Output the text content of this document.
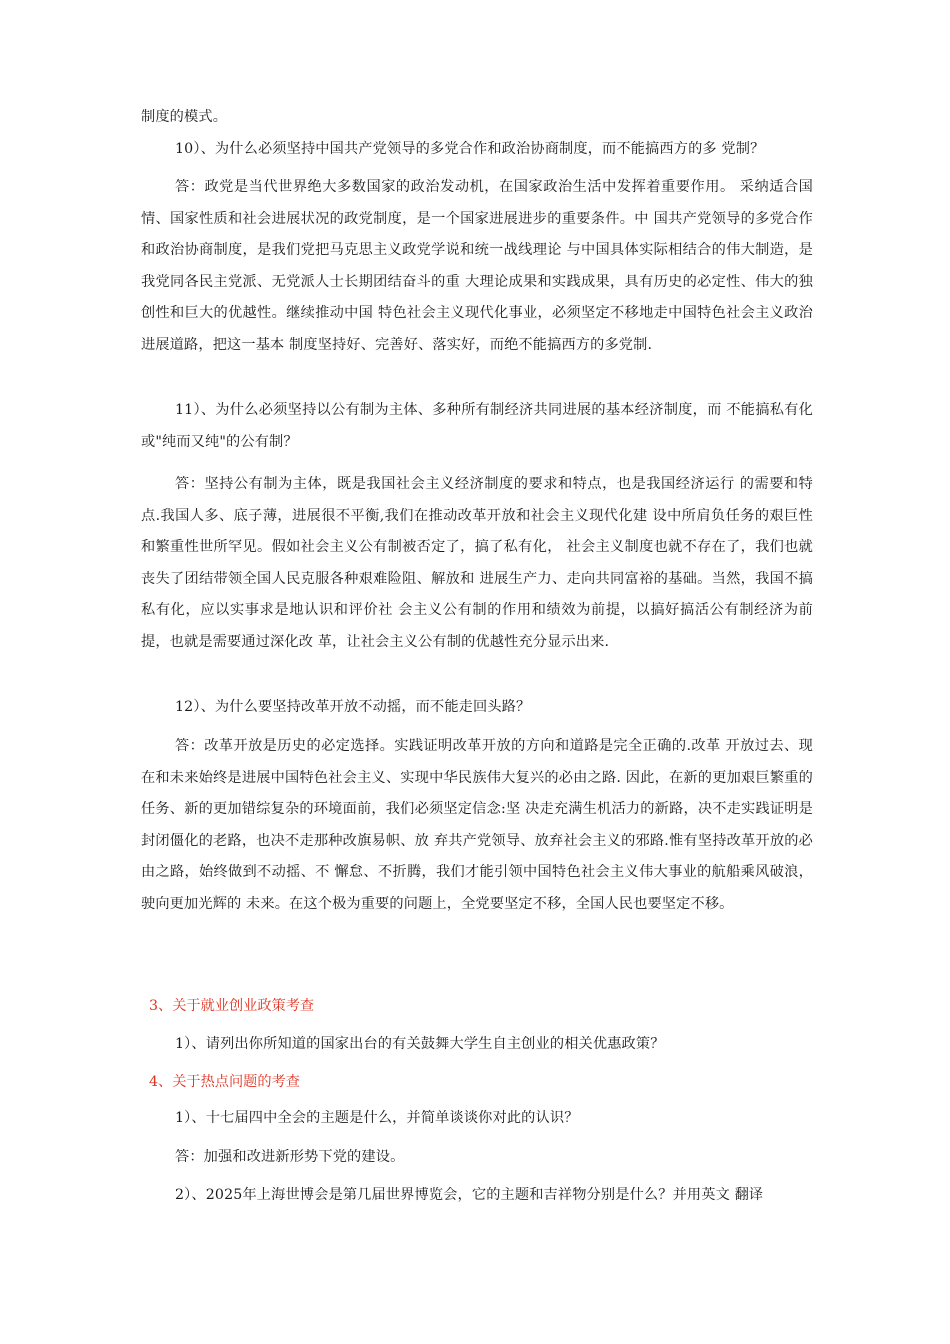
制度的模式。

10）、为什么必须坚持中国共产党领导的多党合作和政治协商制度，而不能搞西方的多 党制？

答：政党是当代世界绝大多数国家的政治发动机，在国家政治生活中发挥着重要作用。 采纳适合国情、国家性质和社会进展状况的政党制度，是一个国家进展进步的重要条件。中 国共产党领导的多党合作和政治协商制度，是我们党把马克思主义政党学说和统一战线理论 与中国具体实际相结合的伟大制造，是我党同各民主党派、无党派人士长期团结奋斗的重 大理论成果和实践成果，具有历史的必定性、伟大的独创性和巨大的优越性。继续推动中国 特色社会主义现代化事业，必须坚定不移地走中国特色社会主义政治进展道路，把这一基本 制度坚持好、完善好、落实好，而绝不能搞西方的多党制.

11）、为什么必须坚持以公有制为主体、多种所有制经济共同进展的基本经济制度，而 不能搞私有化或"纯而又纯"的公有制？

答：坚持公有制为主体，既是我国社会主义经济制度的要求和特点，也是我国经济运行 的需要和特点.我国人多、底子薄，进展很不平衡,我们在推动改革开放和社会主义现代化建 设中所肩负任务的艰巨性和繁重性世所罕见。假如社会主义公有制被否定了，搞了私有化， 社会主义制度也就不存在了，我们也就丧失了团结带领全国人民克服各种艰难险阻、解放和 进展生产力、走向共同富裕的基础。当然，我国不搞私有化，应以实事求是地认识和评价社 会主义公有制的作用和绩效为前提，以搞好搞活公有制经济为前提，也就是需要通过深化改 革，让社会主义公有制的优越性充分显示出来.

12）、为什么要坚持改革开放不动摇，而不能走回头路？

答：改革开放是历史的必定选择。实践证明改革开放的方向和道路是完全正确的.改革 开放过去、现在和未来始终是进展中国特色社会主义、实现中华民族伟大复兴的必由之路. 因此，在新的更加艰巨繁重的任务、新的更加错综复杂的环境面前，我们必须坚定信念:坚 决走充满生机活力的新路，决不走实践证明是封闭僵化的老路，也决不走那种改旗易帜、放 弃共产党领导、放弃社会主义的邪路.惟有坚持改革开放的必由之路，始终做到不动摇、不 懈怠、不折腾，我们才能引领中国特色社会主义伟大事业的航船乘风破浪，驶向更加光辉的 未来。在这个极为重要的问题上，全党要坚定不移，全国人民也要坚定不移。

3、关于就业创业政策考查

1）、请列出你所知道的国家出台的有关鼓舞大学生自主创业的相关优惠政策？

4、关于热点问题的考查

1）、十七届四中全会的主题是什么，并简单谈谈你对此的认识？

答：加强和改进新形势下党的建设。

2）、2025年上海世博会是第几届世界博览会，它的主题和吉祥物分别是什么？并用英文 翻译
